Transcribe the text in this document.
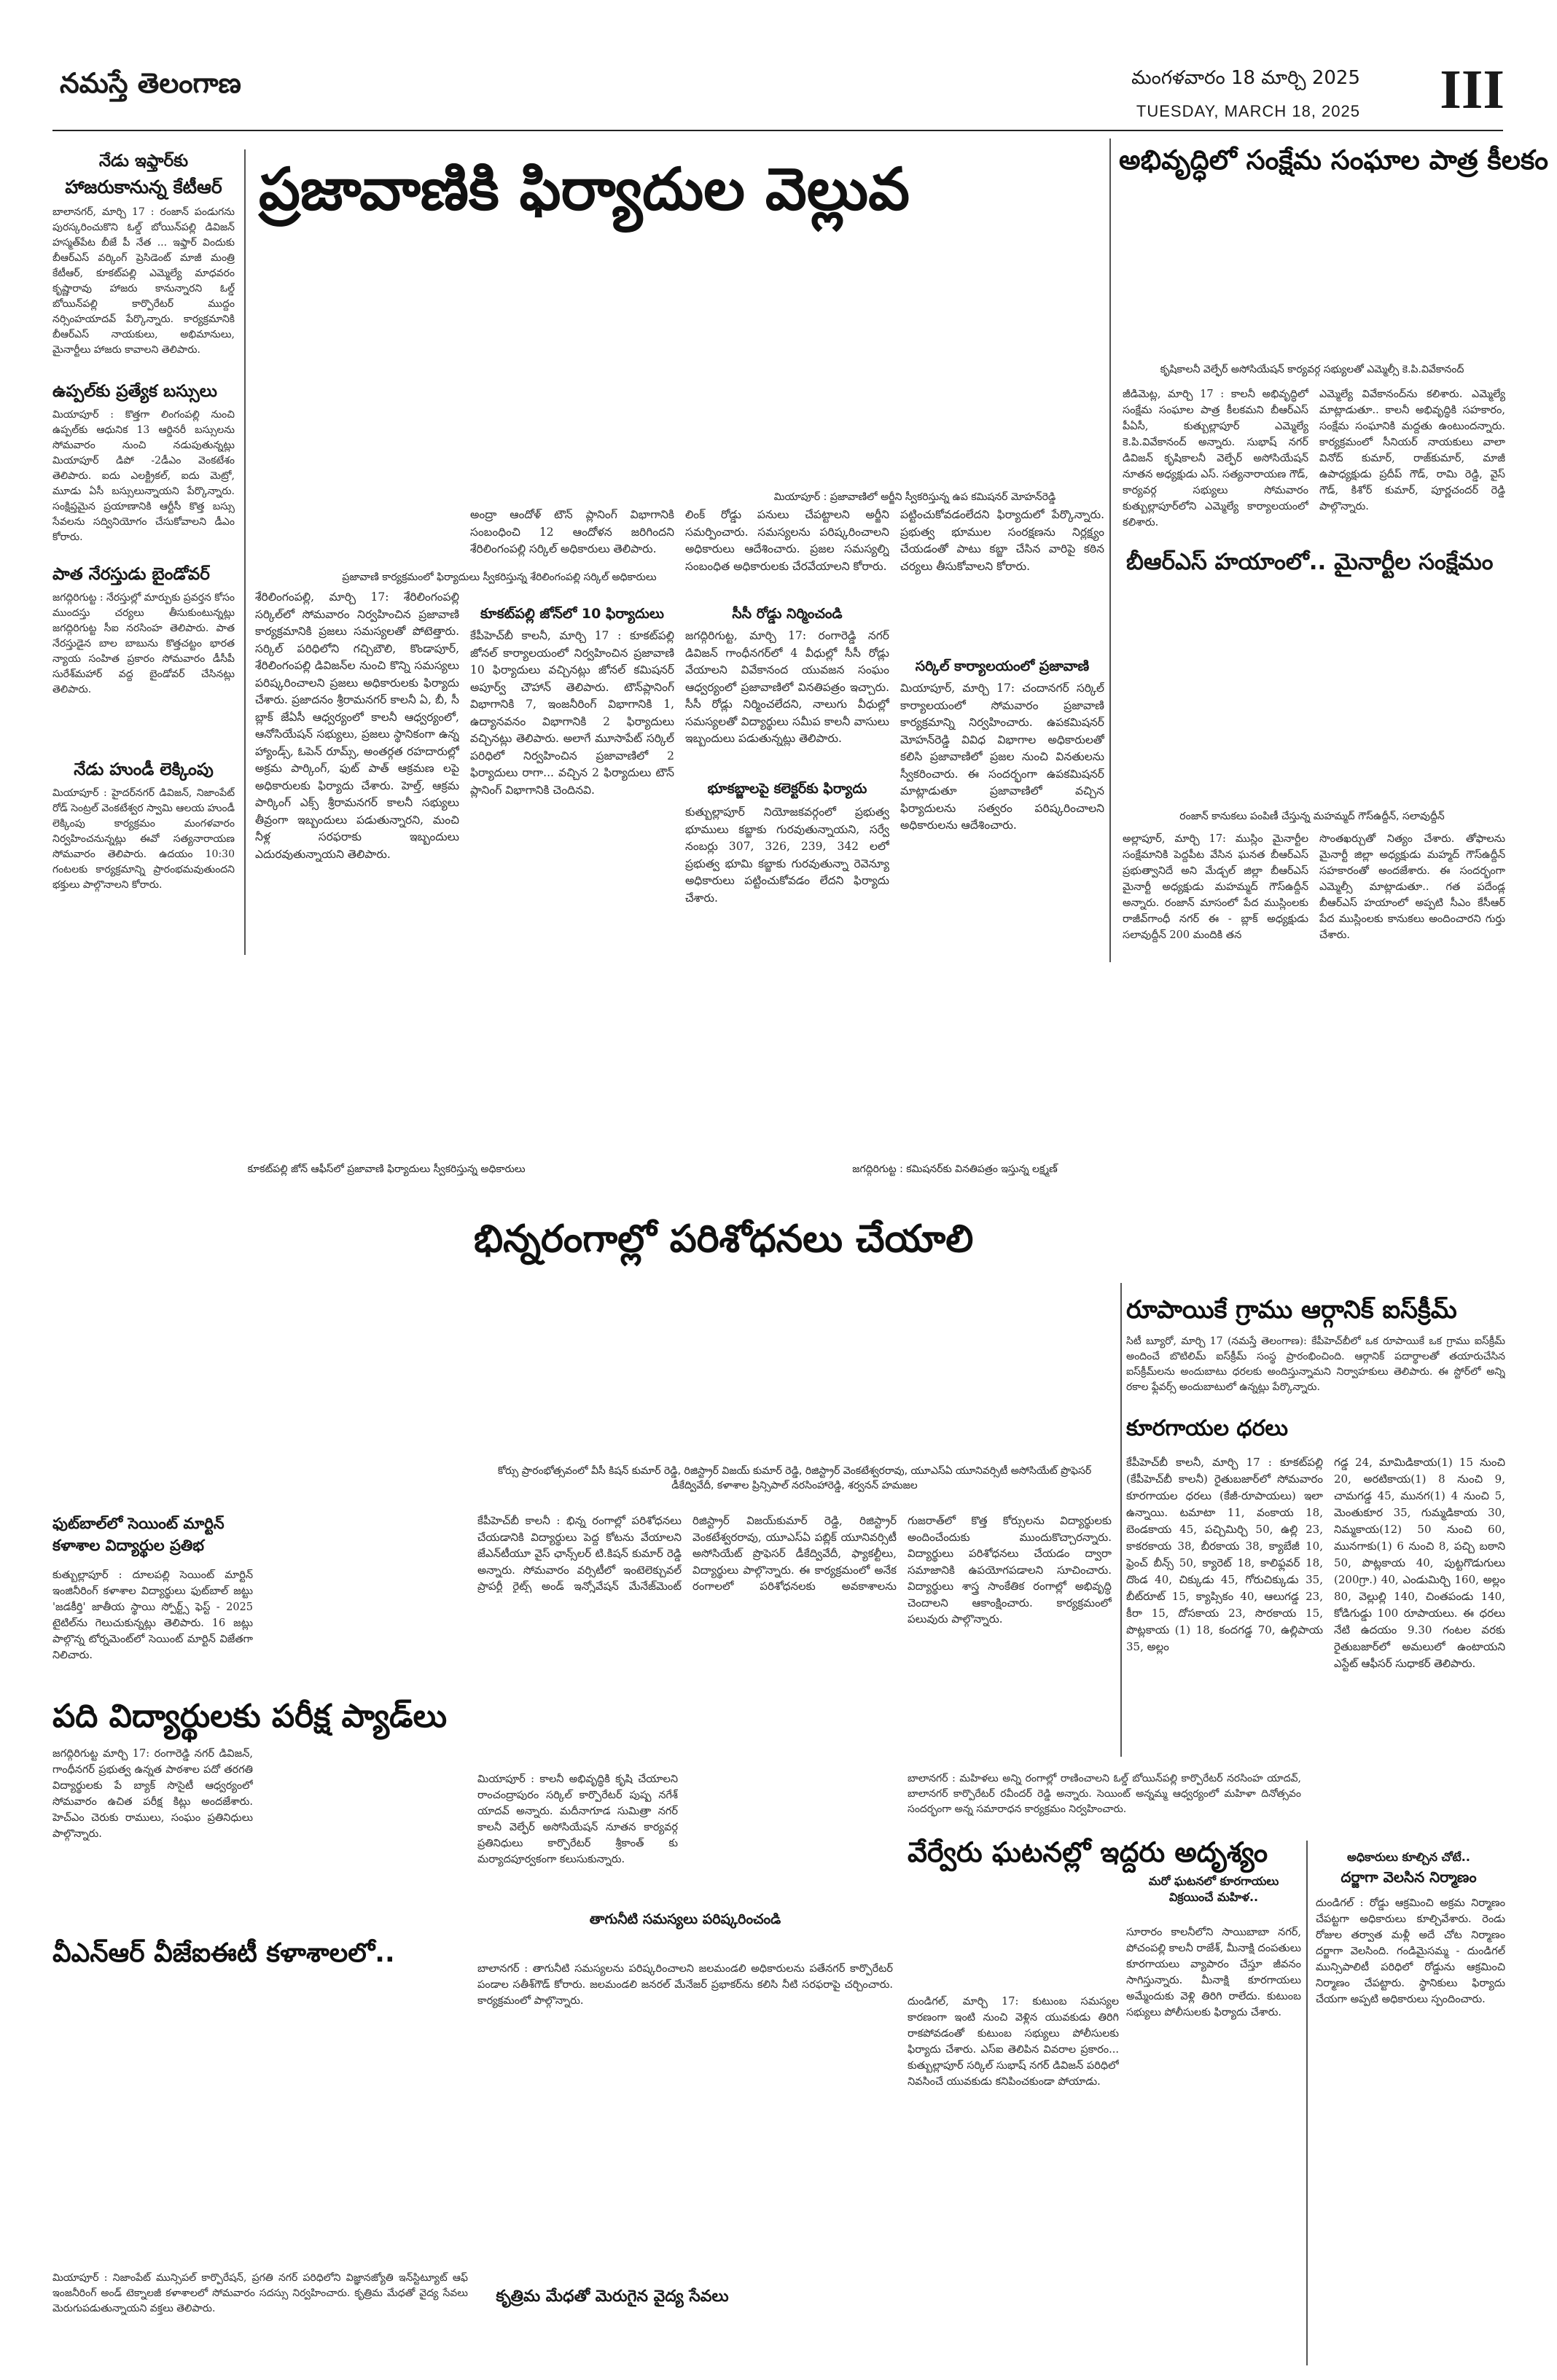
నమస్తే తెలంగాణ	మంగళవారం 18 మార్చి 2025
TUESDAY, MARCH 18, 2025 III
నేడు ఇఫ్తార్‌కు
హాజరుకానున్న కేటీఆర్‌
బాలానగర్‌, మార్చి 17 : రంజాన్‌ పండుగను పురస్కరించుకొని ఓల్డ్‌ బోయిన్‌పల్లి డివిజన్‌ హస్మత్‌పేట బీజే పీ నేత ... ఇఫ్తార్‌ విందుకు బీఆర్‌ఎస్‌ వర్కింగ్‌ ప్రెసిడెంట్‌ మాజీ మంత్రి కేటీఆర్‌, కూకట్‌పల్లి ఎమ్మెల్యే మాధవరం కృష్ణారావు హాజరు కానున్నారని ఓల్డ్‌ బోయిన్‌పల్లి కార్పొరేటర్‌ ముద్దం నర్సింహయాదవ్‌ పేర్కొన్నారు. కార్యక్రమానికి బీఆర్‌ఎస్‌ నాయకులు, అభిమానులు, మైనార్టీలు హాజరు కావాలని తెలిపారు.
ఉప్పల్‌కు ప్రత్యేక బస్సులు
మియాపూర్‌ : కొత్తగా లింగంపల్లి నుంచి ఉప్పల్‌కు ఆధునిక 13 ఆర్డినరీ బస్సులను సోమవారం నుంచి నడుపుతున్నట్లు మియాపూర్‌ డిపో -2డీఎం వెంకటేశం తెలిపారు. ఐదు ఎలక్ట్రికల్‌, ఐదు మెట్రో, మూడు ఏసీ బస్సులున్నాయని పేర్కొన్నారు. సంక్షిప్తమైన ప్రయాణానికి ఆర్టీసీ కొత్త బస్సు సేవలను సద్వినియోగం చేసుకోవాలని డీఎం కోరారు.
పాత నేరస్తుడు బైండోవర్‌
జగద్గిరిగుట్ట : నేరస్తుల్లో మార్పుకు ప్రవర్తన కోసం ముందస్తు చర్యలు తీసుకుంటున్నట్లు జగద్గిరిగుట్ట సీఐ నరసింహ తెలిపారు. పాత నేరస్తుడైన బాల బాబును కొత్తచట్టం భారత న్యాయ సంహిత ప్రకారం సోమవారం డీసీపీ సురేశ్‌మహార్‌ వద్ద బైండోవర్‌ చేసినట్లు తెలిపారు.
నేడు హుండీ లెక్కింపు
మియాపూర్‌ : హైదర్‌నగర్‌ డివిజన్‌, నిజాంపేట్‌ రోడ్‌ సెంట్రల్‌ వెంకటేశ్వర స్వామి ఆలయ హుండీ లెక్కింపు కార్యక్రమం మంగళవారం నిర్వహించనున్నట్లు ఈవో సత్యనారాయణ సోమవారం తెలిపారు. ఉదయం 10:30 గంటలకు కార్యక్రమాన్ని ప్రారంభమవుతుందని భక్తులు పాల్గొనాలని కోరారు.
ప్రజావాణికి ఫిర్యాదుల వెల్లువ
మియాపూర్‌ : ప్రజావాణిలో అర్జీని స్వీకరిస్తున్న ఉప కమిషనర్‌ మోహన్‌రెడ్డి
ప్రజావాణి కార్యక్రమంలో ఫిర్యాదులు స్వీకరిస్తున్న శేరిలింగంపల్లి సర్కిల్‌ అధికారులు
శేరిలింగంపల్లి, మార్చి 17: శేరిలింగంపల్లి సర్కిల్‌లో సోమవారం నిర్వహించిన ప్రజావాణి కార్యక్రమానికి ప్రజలు సమస్యలతో పోటెత్తారు. సర్కిల్‌ పరిధిలోని గచ్చిబౌలి, కొండాపూర్‌, శేరిలింగంపల్లి డివిజన్‌ల నుంచి కొన్ని సమస్యలు పరిష్కరించాలని ప్రజలు అధికారులకు ఫిర్యాదు చేశారు. ప్రజాదనం శ్రీరామనగర్‌ కాలనీ ఏ, బీ, సీ బ్లాక్‌ జేఏసీ ఆధ్వర్యంలో కాలనీ ఆధ్వర్యంలో, ఆనోసియేషన్‌ సభ్యులు, ప్రజలు స్థానికంగా ఉన్న హ్యాండ్స్‌, ఓపెన్‌ రూమ్స్‌, అంతర్గత రహదారుల్లో అక్రమ పార్కింగ్‌, ఫుట్‌ పాత్‌ ఆక్రమణ లపై అధికారులకు ఫిర్యాదు చేశారు. హెల్త్‌, ఆక్రమ పార్కింగ్‌ ఎక్స్‌ శ్రీరామనగర్‌ కాలనీ సభ్యులు తీవ్రంగా ఇబ్బందులు పడుతున్నారని, మంచి నీళ్ల సరఫరాకు ఇబ్బందులు ఎదురవుతున్నాయని తెలిపారు.
అంద్రా ఆందోళ్‌ టౌన్‌ ప్లానింగ్‌ విభాగానికి సంబంధించి 12 ఆందోళన జరిగిందని శేరిలింగంపల్లి సర్కిల్‌ అధికారులు తెలిపారు.
కూకట్‌పల్లి జోన్‌లో 10 ఫిర్యాదులు
కేపీహెచ్‌బీ కాలనీ, మార్చి 17 : కూకట్‌పల్లి జోనల్‌ కార్యాలయంలో నిర్వహించిన ప్రజావాణి 10 ఫిర్యాదులు వచ్చినట్లు జోనల్‌ కమిషనర్‌ అపూర్వ్‌ చౌహాన్‌ తెలిపారు. టౌన్‌ప్లానింగ్‌ విభాగానికి 7, ఇంజనీరింగ్‌ విభాగానికి 1, ఉద్యానవనం విభాగానికి 2 ఫిర్యాదులు వచ్చినట్లు తెలిపారు. అలాగే మూసాపేట్‌ సర్కిల్‌ పరిధిలో నిర్వహించిన ప్రజావాణిలో 2 ఫిర్యాదులు రాగా... వచ్చిన 2 ఫిర్యాదులు టౌన్‌ ప్లానింగ్‌ విభాగానికి చెందినవి.
లింక్‌ రోడ్డు పనులు చేపట్టాలని అర్జీని సమర్పించారు. సమస్యలను పరిష్కరించాలని అధికారులు ఆదేశించారు. ప్రజల సమస్యల్ని సంబంధిత అధికారులకు చేరవేయాలని కోరారు.
సీసీ రోడ్డు నిర్మించండి
జగద్గిరిగుట్ట, మార్చి 17: రంగారెడ్డి నగర్‌ డివిజన్‌ గాంధీనగర్‌లో 4 వీధుల్లో సీసీ రోడ్లు వేయాలని వివేకానంద యువజన సంఘం ఆధ్వర్యంలో ప్రజావాణిలో వినతిపత్రం ఇచ్చారు. సీసీ రోడ్లు నిర్మించలేదని, నాలుగు వీధుల్లో సమస్యలతో విద్యార్థులు సమీప కాలనీ వాసులు ఇబ్బందులు పడుతున్నట్లు తెలిపారు.
భూకబ్జాలపై కలెక్టర్‌కు ఫిర్యాదు
కుత్బుల్లాపూర్‌ నియోజకవర్గంలో ప్రభుత్వ భూములు కబ్జాకు గురవుతున్నాయని, సర్వే నంబర్లు 307, 326, 239, 342 లలో ప్రభుత్వ భూమి కబ్జాకు గురవుతున్నా రెవెన్యూ అధికారులు పట్టించుకోవడం లేదని ఫిర్యాదు చేశారు.
పట్టించుకోవడంలేదని ఫిర్యాదులో పేర్కొన్నారు. ప్రభుత్వ భూముల సంరక్షణను నిర్లక్ష్యం చేయడంతో పాటు కబ్జా చేసిన వారిపై కఠిన చర్యలు తీసుకోవాలని కోరారు.
సర్కిల్‌ కార్యాలయంలో ప్రజావాణి
మియాపూర్‌, మార్చి 17: చందానగర్‌ సర్కిల్‌ కార్యాలయంలో సోమవారం ప్రజావాణి కార్యక్రమాన్ని నిర్వహించారు. ఉపకమిషనర్‌ మోహన్‌రెడ్డి వివిధ విభాగాల అధికారులతో కలిసి ప్రజావాణిలో ప్రజల నుంచి వినతులను స్వీకరించారు. ఈ సందర్భంగా ఉపకమిషనర్‌ మాట్లాడుతూ ప్రజావాణిలో వచ్చిన ఫిర్యాదులను సత్వరం పరిష్కరించాలని అధికారులను ఆదేశించారు.
అభివృద్ధిలో సంక్షేమ సంఘాల పాత్ర కీలకం
కృషికాలనీ వెల్ఫేర్‌ అసోసియేషన్‌ కార్యవర్గ సభ్యులతో ఎమ్మెల్సీ కె.పి.వివేకానంద్‌
జీడిమెట్ల, మార్చి 17 : కాలనీ అభివృద్ధిలో సంక్షేమ సంఘాల పాత్ర కీలకమని బీఆర్‌ఎస్‌ పీఏసీ, కుత్బుల్లాపూర్‌ ఎమ్మెల్యే కె.పి.వివేకానంద్‌ అన్నారు. సుభాష్‌ నగర్‌ డివిజన్‌ కృషికాలనీ వెల్ఫేర్‌ అసోసియేషన్‌ నూతన అధ్యక్షుడు ఎస్‌. సత్యనారాయణ గౌడ్‌, కార్యవర్గ సభ్యులు సోమవారం కుత్బుల్లాపూర్‌లోని ఎమ్మెల్యే కార్యాలయంలో కలిశారు.
ఎమ్మెల్యే వివేకానంద్‌ను కలిశారు. ఎమ్మెల్యే మాట్లాడుతూ.. కాలనీ అభివృద్ధికి సహకారం, సంక్షేమ సంఘానికి మద్దతు ఉంటుందన్నారు. కార్యక్రమంలో సీనియర్‌ నాయకులు వాలా వినోద్‌ కుమార్‌, రాజ్‌కుమార్‌, మాజీ ఉపాధ్యక్షుడు ప్రదీప్‌ గౌడ్‌, రామి రెడ్డి, వైస్‌ గౌడ్‌, కిశోర్‌ కుమార్‌, పూర్ణచందర్‌ రెడ్డి పాల్గొన్నారు.
బీఆర్‌ఎస్‌ హయాంలో.. మైనార్టీల సంక్షేమం
రంజాన్‌ కానుకలు పంపిణీ చేస్తున్న మహమ్మద్‌ గౌస్‌ఉద్దీన్‌, సలావుద్దీన్‌
అల్లాపూర్‌, మార్చి 17: ముస్లిం మైనార్టీల సంక్షేమానికి పెద్దపీట వేసిన ఘనత బీఆర్‌ఎస్‌ ప్రభుత్వానిదే అని మేడ్చల్‌ జిల్లా బీఆర్‌ఎస్‌ మైనార్టీ అధ్యక్షుడు మహమ్మద్‌ గౌస్‌ఉద్దీన్‌ అన్నారు. రంజాన్‌ మాసంలో పేద ముస్లింలకు రాజీవ్‌గాంధీ నగర్‌ ఈ - బ్లాక్‌ అధ్యక్షుడు సలావుద్దీన్‌ 200 మందికి తన
సొంతఖర్చుతో నిత్యం చేశారు. తోఫాలను మైనార్టీ జిల్లా అధ్యక్షుడు మహ్మద్‌ గౌస్‌ఉద్దీన్‌ సహకారంతో అందజేశారు. ఈ సందర్భంగా ఎమ్మెల్సీ మాట్లాడుతూ.. గత పదేండ్ల బీఆర్‌ఎస్‌ హయాంలో అప్పటి సీఎం కేసీఆర్‌ పేద ముస్లింలకు కానుకలు అందించారని గుర్తు చేశారు.
కూకట్‌పల్లి జోన్‌ ఆఫీస్‌లో ప్రజావాణి ఫిర్యాదులు స్వీకరిస్తున్న అధికారులు	జగద్గిరిగుట్ట : కమిషనర్‌కు వినతిపత్రం ఇస్తున్న లక్ష్మణ్‌
భిన్నరంగాల్లో పరిశోధనలు చేయాలి
కోర్సు ప్రారంభోత్సవంలో వీసీ కిషన్‌ కుమార్‌ రెడ్డి, రిజిస్ట్రార్‌ విజయ్‌ కుమార్‌ రెడ్డి, రిజిస్ట్రార్‌ వెంకటేశ్వరరావు, యూఎస్‌ఏ యూనివర్సిటీ అసోసియేట్‌ ప్రొఫెసర్‌ డీకేద్వివేదీ, కళాశాల ప్రిన్సిపాల్‌ నరసింహారెడ్డి, శర్వనన్‌ హమజల
కేపీహెచ్‌బీ కాలనీ : భిన్న రంగాల్లో పరిశోధనలు చేయడానికి విద్యార్థులు పెద్ద కోటను వేయాలని జేఎన్‌టీయూ వైస్‌ ఛాన్స్‌లర్‌ టి.కిషన్‌ కుమార్‌ రెడ్డి అన్నారు. సోమవారం వర్సిటీలో ఇంటెలెక్చువల్‌ ప్రాపర్టీ రైట్స్‌ అండ్‌ ఇన్నోవేషన్‌ మేనేజ్‌మెంట్‌
రిజిస్ట్రార్‌ విజయ్‌కుమార్‌ రెడ్డి, రిజిస్ట్రార్‌ వెంకటేశ్వరరావు, యూఎస్‌ఏ పబ్లిక్‌ యూనివర్సిటీ అసోసియేట్‌ ప్రొఫెసర్‌ డీకేద్వివేదీ, ఫ్యాకల్టీలు, విద్యార్థులు పాల్గొన్నారు. ఈ కార్యక్రమంలో అనేక రంగాలలో పరిశోధనలకు అవకాశాలను
గుజరాత్‌లో కొత్త కోర్సులను విద్యార్థులకు అందించేందుకు ముందుకొచ్చారన్నారు. విద్యార్థులు పరిశోధనలు చేయడం ద్వారా సమాజానికి ఉపయోగపడాలని సూచించారు. విద్యార్థులు శాస్త్ర సాంకేతిక రంగాల్లో అభివృద్ధి చెందాలని ఆకాంక్షించారు. కార్యక్రమంలో పలువురు పాల్గొన్నారు.
రూపాయికే గ్రాము ఆర్గానిక్‌ ఐస్‌క్రీమ్‌
సిటీ బ్యూరో, మార్చి 17 (నమస్తే తెలంగాణ): కేపీహెచ్‌బీలో ఒక రూపాయికే ఒక గ్రాము ఐస్‌క్రీమ్‌ అందించే బొటిలిమ్‌ ఐస్‌క్రీమ్‌ సంస్థ ప్రారంభించింది. ఆర్గానిక్‌ పదార్థాలతో తయారుచేసిన ఐస్‌క్రీమ్‌లను అందుబాటు ధరలకు అందిస్తున్నామని నిర్వాహకులు తెలిపారు. ఈ స్టోర్‌లో అన్ని రకాల ఫ్లేవర్స్‌ అందుబాటులో ఉన్నట్లు పేర్కొన్నారు.
కూరగాయల ధరలు
కేపీహెచ్‌బీ కాలనీ, మార్చి 17 : కూకట్‌పల్లి (కేపీహెచ్‌బీ కాలనీ) రైతుబజార్‌లో సోమవారం కూరగాయల ధరలు (కేజీ-రూపాయలు) ఇలా ఉన్నాయి. టమాటా 11, వంకాయ 18, బెండకాయ 45, పచ్చిమిర్చి 50, ఉల్లి 23, కాకరకాయ 38, బీరకాయ 38, క్యాబేజీ 10, ఫ్రెంచ్‌ బీన్స్‌ 50, క్యారెట్‌ 18, కాలిఫ్లవర్‌ 18, దొండ 40, చిక్కుడు 45, గోరుచిక్కుడు 35, బీట్‌రూట్‌ 15, క్యాప్సికం 40, ఆలుగడ్డ 23, కీరా 15, దోసకాయ 23, సొరకాయ 15, పొట్లకాయ (1) 18, కందగడ్డ 70, ఉల్లిపాయ 35, అల్లం
గడ్డ 24, మామిడికాయ(1) 15 నుంచి 20, అరటికాయ(1) 8 నుంచి 9, చామగడ్డ 45, మునగ(1) 4 నుంచి 5, మెంతుకూర 35, గుమ్మడికాయ 30, నిమ్మకాయ(12) 50 నుంచి 60, మునగాకు(1) 6 నుంచి 8, పచ్చి బఠాని 50, పొట్లకాయ 40, పుట్టగొడుగులు (200గ్రా.) 40, ఎండుమిర్చి 160, అల్లం 80, వెల్లుల్లి 140, చింతపండు 140, కోడిగుడ్డు 100 రూపాయలు. ఈ ధరలు నేటి ఉదయం 9.30 గంటల వరకు రైతుబజార్‌లో అమలులో ఉంటాయని ఎస్టేట్‌ ఆఫీసర్‌ సుధాకర్‌ తెలిపారు.
ఫుట్‌బాల్‌లో సెయింట్‌ మార్టిన్‌ కళాశాల విద్యార్థుల ప్రతిభ
కుత్బుల్లాపూర్‌ : దూలపల్లి సెయింట్‌ మార్టిన్‌ ఇంజినీరింగ్‌ కళాశాల విద్యార్థులు ఫుట్‌బాల్‌ జట్టు 'జడకీర్తి' జాతీయ స్థాయి స్పోర్ట్స్‌ ఫెస్ట్‌ - 2025 టైటిల్‌ను గెలుచుకున్నట్లు తెలిపారు. 16 జట్లు పాల్గొన్న టోర్నమెంట్‌లో సెయింట్‌ మార్టిన్‌ విజేతగా నిలిచారు.
పది విద్యార్థులకు పరీక్ష ప్యాడ్‌లు
జగద్గిరిగుట్ట మార్చి 17: రంగారెడ్డి నగర్‌ డివిజన్‌, గాంధీనగర్‌ ప్రభుత్వ ఉన్నత పాఠశాల పదో తరగతి విద్యార్థులకు పే బ్యాక్‌ సొసైటీ ఆధ్వర్యంలో సోమవారం ఉచిత పరీక్ష కిట్లు అందజేశారు. హెచ్‌ఎం చెరుకు రాములు, సంఘం ప్రతినిధులు పాల్గొన్నారు.
వీఎన్‌ఆర్‌ వీజేఐఈటీ కళాశాలలో..
మియాపూర్‌ : కాలనీ అభివృద్ధికి కృషి చేయాలని రాంచంద్రాపురం సర్కిల్‌ కార్పొరేటర్‌ పుష్ప నగేశ్‌ యాదవ్‌ అన్నారు. మదీనాగూడ సుమిత్రా నగర్‌ కాలనీ వెల్ఫేర్‌ అసోసియేషన్‌ నూతన కార్యవర్గ ప్రతినిధులు కార్పొరేటర్‌ శ్రీకాంత్‌ కు మర్యాదపూర్వకంగా కలుసుకున్నారు.
తాగునీటి సమస్యలు పరిష్కరించండి
బాలానగర్‌ : తాగునీటి సమస్యలను పరిష్కరించాలని జలమండలి అధికారులను పతేనగర్‌ కార్పొరేటర్‌ పండాల సతీశ్‌గౌడ్‌ కోరారు. జలమండలి జనరల్‌ మేనేజర్‌ ప్రభాకర్‌ను కలిసి నీటి సరఫరాపై చర్చించారు. కార్యక్రమంలో పాల్గొన్నారు.
కృత్రిమ మేధతో మెరుగైన వైద్య సేవలు
మియాపూర్‌ : నిజాంపేట్‌ మున్సిపల్‌ కార్పొరేషన్‌, ప్రగతి నగర్‌ పరిధిలోని విజ్ఞానజ్యోతి ఇన్‌స్టిట్యూట్‌ ఆఫ్‌ ఇంజనీరింగ్‌ అండ్‌ టెక్నాలజీ కళాశాలలో సోమవారం సదస్సు నిర్వహించారు. కృత్రిమ మేధతో వైద్య సేవలు మెరుగుపడుతున్నాయని వక్తలు తెలిపారు.
బాలానగర్‌ : మహిళలు అన్ని రంగాల్లో రాణించాలని ఓల్డ్‌ బోయిన్‌పల్లి కార్పొరేటర్‌ నరసింహ యాదవ్‌, బాలానగర్‌ కార్పొరేటర్‌ రవీందర్‌ రెడ్డి అన్నారు. సెయింట్‌ అన్నమ్మ ఆధ్వర్యంలో మహిళా దినోత్సవం సందర్భంగా అన్న సమారాధన కార్యక్రమం నిర్వహించారు.
వేర్వేరు ఘటనల్లో ఇద్దరు అదృశ్యం
మరో ఘటనలో కూరగాయలు విక్రయించే మహిళ..
దుండిగల్‌, మార్చి 17: కుటుంబ సమస్యల కారణంగా ఇంటి నుంచి వెళ్లిన యువకుడు తిరిగి రాకపోవడంతో కుటుంబ సభ్యులు పోలీసులకు ఫిర్యాదు చేశారు. ఎస్‌ఐ తెలిపిన వివరాల ప్రకారం... కుత్బుల్లాపూర్‌ సర్కిల్‌ సుభాష్‌ నగర్‌ డివిజన్‌ పరిధిలో నివసించే యువకుడు కనిపించకుండా పోయాడు.
సూరారం కాలనీలోని సాయిబాబా నగర్‌, పోచంపల్లి కాలనీ రాజేశ్‌, మీనాక్షి దంపతులు కూరగాయలు వ్యాపారం చేస్తూ జీవనం సాగిస్తున్నారు. మీనాక్షి కూరగాయలు అమ్మేందుకు వెళ్లి తిరిగి రాలేదు. కుటుంబ సభ్యులు పోలీసులకు ఫిర్యాదు చేశారు.
అధికారులు కూల్చిన చోటే..
దర్జాగా వెలసిన నిర్మాణం
దుండిగల్‌ : రోడ్డు ఆక్రమించి అక్రమ నిర్మాణం చేపట్టగా అధికారులు కూల్చివేశారు. రెండు రోజుల తర్వాత మళ్లీ అదే చోట నిర్మాణం దర్జాగా వెలసింది. గండిమైసమ్మ - దుండిగల్‌ మున్సిపాలిటీ పరిధిలో రోడ్డును ఆక్రమించి నిర్మాణం చేపట్టారు. స్థానికులు ఫిర్యాదు చేయగా అప్పటి అధికారులు స్పందించారు.
